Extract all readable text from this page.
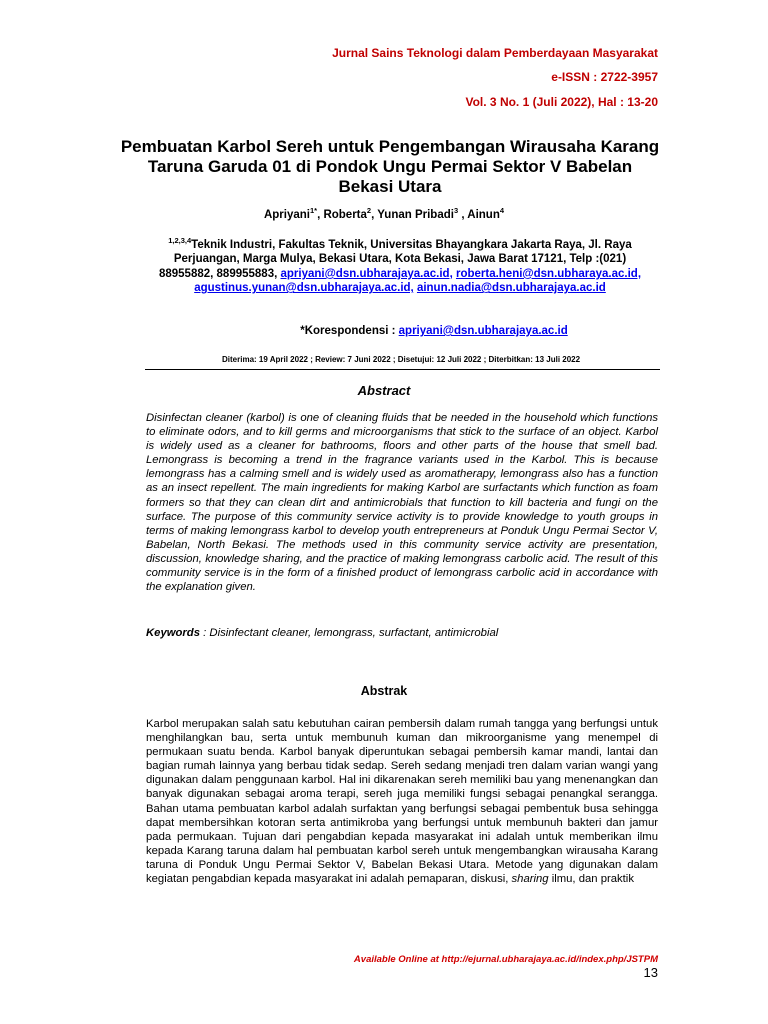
Jurnal Sains Teknologi dalam Pemberdayaan Masyarakat
e-ISSN : 2722-3957
Vol. 3 No. 1 (Juli 2022), Hal : 13-20
Pembuatan Karbol Sereh untuk Pengembangan Wirausaha Karang Taruna Garuda 01 di Pondok Ungu Permai Sektor V Babelan Bekasi Utara
Apriyani$^{1*}$, Roberta$^2$, Yunan Pribadi$^3$ , Ainun$^4$
$^{1,2,3,4}$Teknik Industri, Fakultas Teknik, Universitas Bhayangkara Jakarta Raya, Jl. Raya Perjuangan, Marga Mulya, Bekasi Utara, Kota Bekasi, Jawa Barat 17121, Telp :(021) 88955882, 889955883, apriyani@dsn.ubharajaya.ac.id, roberta.heni@dsn.ubharaya.ac.id, agustinus.yunan@dsn.ubharajaya.ac.id, ainun.nadia@dsn.ubharajaya.ac.id
*Korespondensi : apriyani@dsn.ubharajaya.ac.id
Diterima: 19 April 2022 ; Review: 7 Juni 2022 ; Disetujui: 12 Juli 2022 ; Diterbitkan: 13 Juli 2022
Abstract

Disinfectan cleaner (karbol) is one of cleaning fluids that be needed in the household which functions to eliminate odors, and to kill germs and microorganisms that stick to the surface of an object. Karbol is widely used as a cleaner for bathrooms, floors and other parts of the house that smell bad. Lemongrass is becoming a trend in the fragrance variants used in the Karbol. This is because lemongrass has a calming smell and is widely used as aromatherapy, lemongrass also has a function as an insect repellent. The main ingredients for making Karbol are surfactants which function as foam formers so that they can clean dirt and antimicrobials that function to kill bacteria and fungi on the surface. The purpose of this community service activity is to provide knowledge to youth groups in terms of making lemongrass karbol to develop youth entrepreneurs at Ponduk Ungu Permai Sector V, Babelan, North Bekasi. The methods used in this community service activity are presentation, discussion, knowledge sharing, and the practice of making lemongrass carbolic acid. The result of this community service is in the form of a finished product of lemongrass carbolic acid in accordance with the explanation given.

Keywords : Disinfectant cleaner, lemongrass, surfactant, antimicrobial
Abstrak

Karbol merupakan salah satu kebutuhan cairan pembersih dalam rumah tangga yang berfungsi untuk menghilangkan bau, serta untuk membunuh kuman dan mikroorganisme yang menempel di permukaan suatu benda. Karbol banyak diperuntukan sebagai pembersih kamar mandi, lantai dan bagian rumah lainnya yang berbau tidak sedap. Sereh sedang menjadi tren dalam varian wangi yang digunakan dalam penggunaan karbol. Hal ini dikarenakan sereh memiliki bau yang menenangkan dan banyak digunakan sebagai aroma terapi, sereh juga memiliki fungsi sebagai penangkal serangga. Bahan utama pembuatan karbol adalah surfaktan yang berfungsi sebagai pembentuk busa sehingga dapat membersihkan kotoran serta antimikroba yang berfungsi untuk membunuh bakteri dan jamur pada permukaan. Tujuan dari pengabdian kepada masyarakat ini adalah untuk memberikan ilmu kepada Karang taruna dalam hal pembuatan karbol sereh untuk mengembangkan wirausaha Karang taruna di Ponduk Ungu Permai Sektor V, Babelan Bekasi Utara. Metode yang digunakan dalam kegiatan pengabdian kepada masyarakat ini adalah pemaparan, diskusi, sharing ilmu, dan praktik

Available Online at http://ejurnal.ubharajaya.ac.id/index.php/JSTPM
13
